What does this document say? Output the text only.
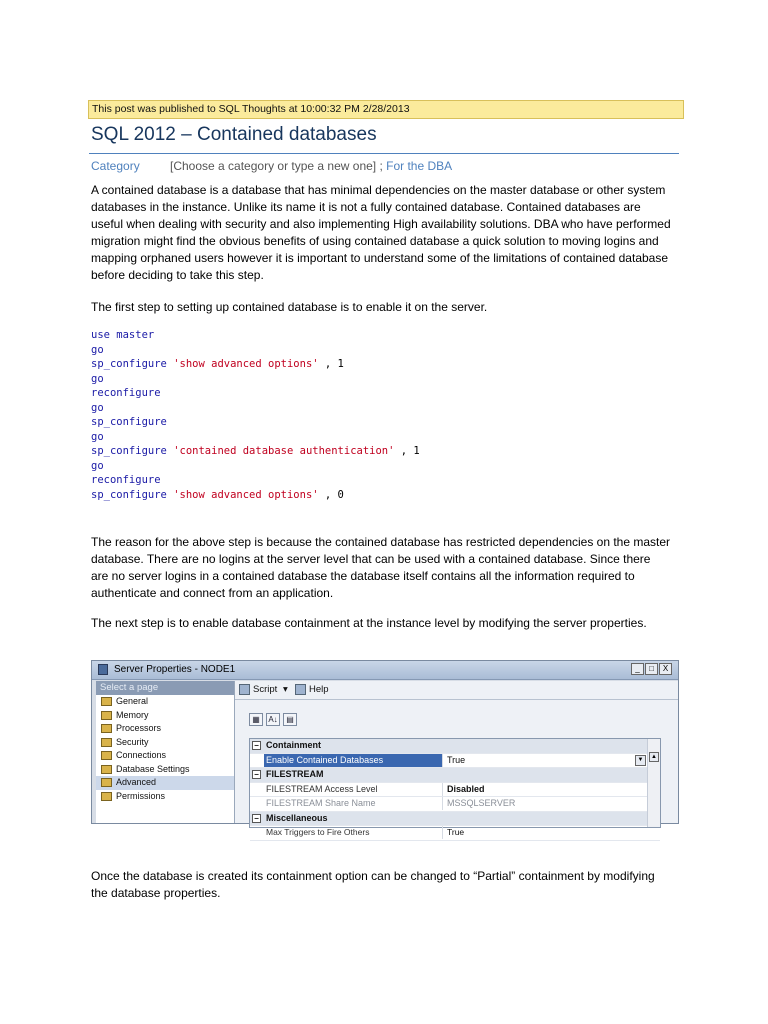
This post was published to SQL Thoughts at 10:00:32 PM 2/28/2013
SQL 2012 – Contained databases
Category	[Choose a category or type a new one] ; For the DBA

A contained database is a database that has minimal dependencies on the master database or other system databases in the instance. Unlike its name it is not a fully contained database. Contained databases are useful when dealing with security and also implementing High availability solutions. DBA who have performed migration might find the obvious benefits of using contained database a quick solution to moving logins and mapping orphaned users however it is important to understand some of the limitations of contained database before deciding to take this step.

The first step to setting up contained database is to enable it on the server.

use master
go
sp_configure 'show advanced options' , 1
go
reconfigure
go
sp_configure
go
sp_configure 'contained database authentication' , 1
go
reconfigure
sp_configure 'show advanced options' , 0

The reason for the above step is because the contained database has restricted dependencies on the master database. There are no logins at the server level that can be used with a contained database. Since there are no server logins in a contained database the database itself contains all the information required to authenticate and connect from an application.

The next step is to enable database containment at the instance level by modifying the server properties.

Server Properties - NODE1	_	□	X
Select a page
General
Memory
Processors
Security
Connections
Database Settings
Advanced
Permissions
Script ▾ Help
▦	A↓	▤
− Containment
Enable Contained Databases	True	▼
− FILESTREAM
FILESTREAM Access Level	Disabled
FILESTREAM Share Name	MSSQLSERVER
− Miscellaneous
Max Triggers to Fire Others	True
▲

Once the database is created its containment option can be changed to “Partial” containment by modifying the database properties.
